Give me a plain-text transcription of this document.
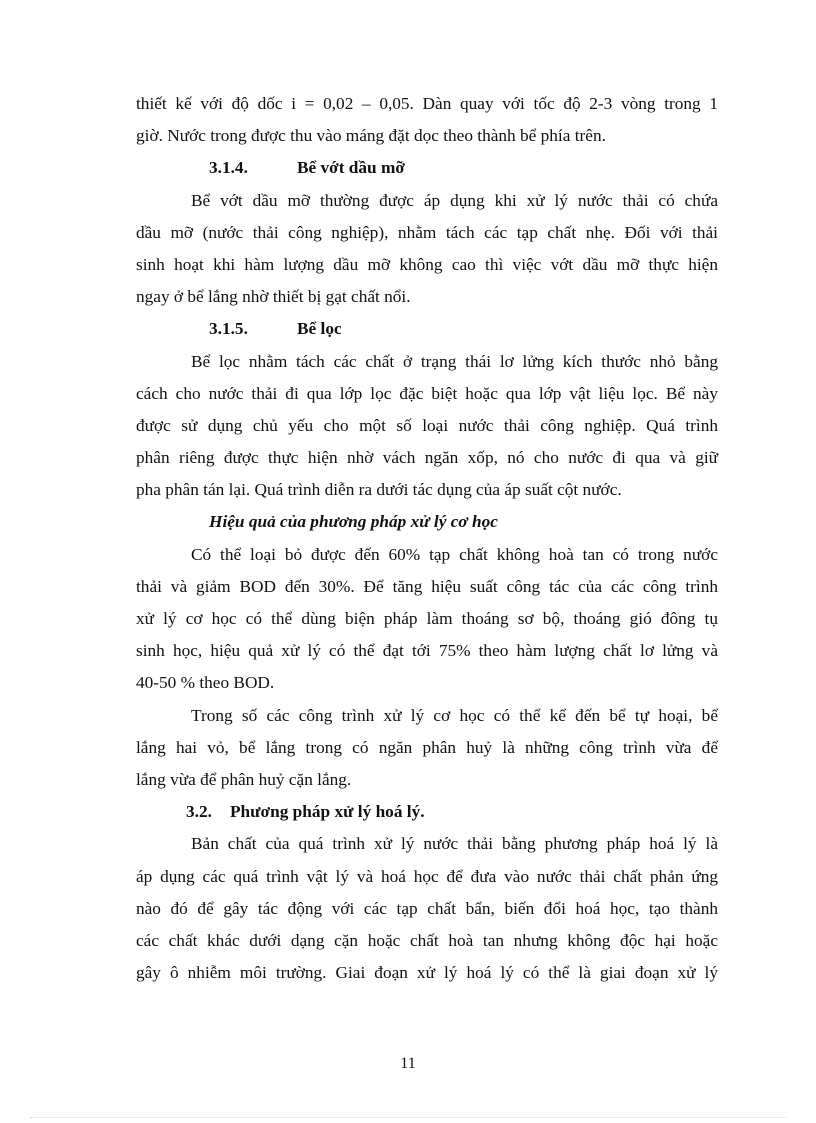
thiết kế với độ dốc i = 0,02 – 0,05. Dàn quay với tốc độ 2-3 vòng trong 1
giờ. Nước trong được thu vào máng đặt dọc theo thành bể phía trên.
3.1.4.	Bể vớt dầu mỡ
Bể vớt dầu mỡ thường được áp dụng khi xử lý nước thải có chứa
dầu mỡ (nước thải công nghiệp), nhằm tách các tạp chất nhẹ. Đối với thải
sinh hoạt khi hàm lượng dầu mỡ không cao thì việc vớt dầu mỡ thực hiện
ngay ở bể lắng nhờ thiết bị gạt chất nổi.
3.1.5.	Bể lọc
Bể lọc nhằm tách các chất ở trạng thái lơ lửng kích thước nhỏ bằng
cách cho nước thải đi qua lớp lọc đặc biệt hoặc qua lớp vật liệu lọc. Bể này
được sử dụng chủ yếu cho một số loại nước thải công nghiệp. Quá trình
phân riêng được thực hiện nhờ vách ngăn xốp, nó cho nước đi qua và giữ
pha phân tán lại. Quá trình diễn ra dưới tác dụng của áp suất cột nước.
Hiệu quả của phương pháp xử lý cơ học
Có thể loại bỏ được đến 60% tạp chất không hoà tan có trong nước
thải và giảm BOD đến 30%. Để tăng hiệu suất công tác của các công trình
xử lý cơ học có thể dùng biện pháp làm thoáng sơ bộ, thoáng gió đông tụ
sinh học, hiệu quả xử lý có thể đạt tới 75% theo hàm lượng chất lơ lửng và
40-50 % theo BOD.
Trong số các công trình xử lý cơ học có thể kể đến bể tự hoại, bể
lắng hai vỏ, bể lắng trong có ngăn phân huỷ là những công trình vừa để
lắng vừa để phân huỷ cặn lắng.
3.2. Phương pháp xử lý hoá lý.
Bản chất của quá trình xử lý nước thải bằng phương pháp hoá lý là
áp dụng các quá trình vật lý và hoá học để đưa vào nước thải chất phản ứng
nào đó để gây tác động với các tạp chất bẩn, biến đổi hoá học, tạo thành
các chất khác dưới dạng cặn hoặc chất hoà tan nhưng không độc hại hoặc
gây ô nhiễm môi trường. Giai đoạn xử lý hoá lý có thể là giai đoạn xử lý
11
